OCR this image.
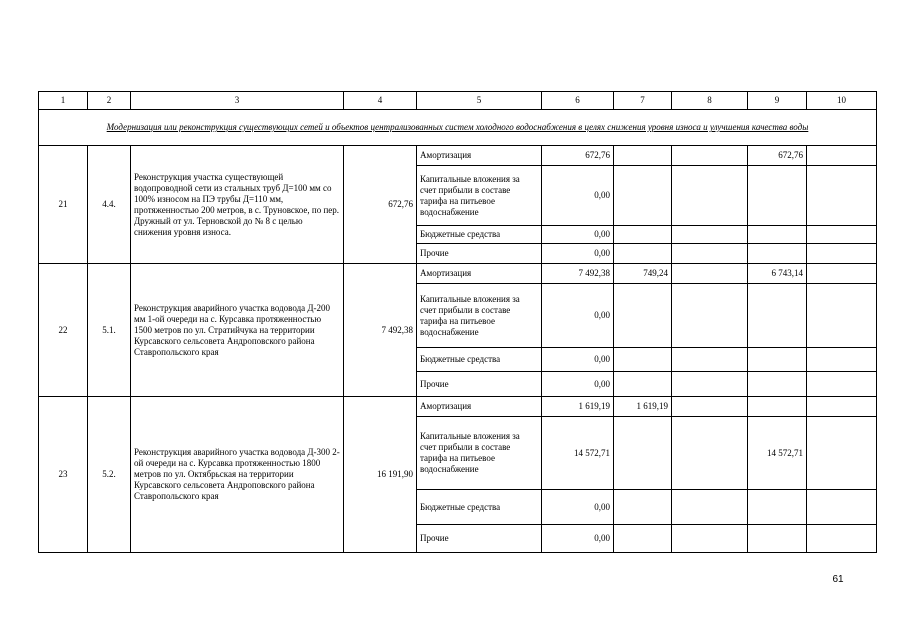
1	2	3	4	5	6	7	8	9	10
Модернизация или реконструкция существующих сетей и объектов централизованных систем холодного водоснабжения в целях снижения уровня износа и улучшения качества воды									
21	4.4.	Реконструкция участка существующей водопроводной сети из стальных труб Д=100 мм со 100% износом на ПЭ трубы Д=110 мм, протяженностью 200 метров, в с. Труновское, по пер. Дружный от ул. Терновской до № 8 с целью снижения уровня износа.	672,76	Амортизация	672,76			672,76	
				Капитальные вложения за счет прибыли в составе тарифа на питьевое водоснабжение	0,00				
				Бюджетные средства	0,00				
				Прочие	0,00				
22	5.1.	Реконструкция аварийного участка водовода Д-200 мм 1-ой очереди на с. Курсавка протяженностью 1500 метров по ул. Стратийчука на территории Курсавского сельсовета Андроповского района Ставропольского края	7 492,38	Амортизация	7 492,38	749,24		6 743,14	
				Капитальные вложения за счет прибыли в составе тарифа на питьевое водоснабжение	0,00				
				Бюджетные средства	0,00				
				Прочие	0,00				
23	5.2.	Реконструкция аварийного участка водовода Д-300 2-ой очереди на с. Курсавка протяженностью 1800 метров по ул. Октябрьская на территории Курсавского сельсовета Андроповского района Ставропольского края	16 191,90	Амортизация	1 619,19	1 619,19			
				Капитальные вложения за счет прибыли в составе тарифа на питьевое водоснабжение	14 572,71			14 572,71	
				Бюджетные средства	0,00				
				Прочие	0,00				
61
